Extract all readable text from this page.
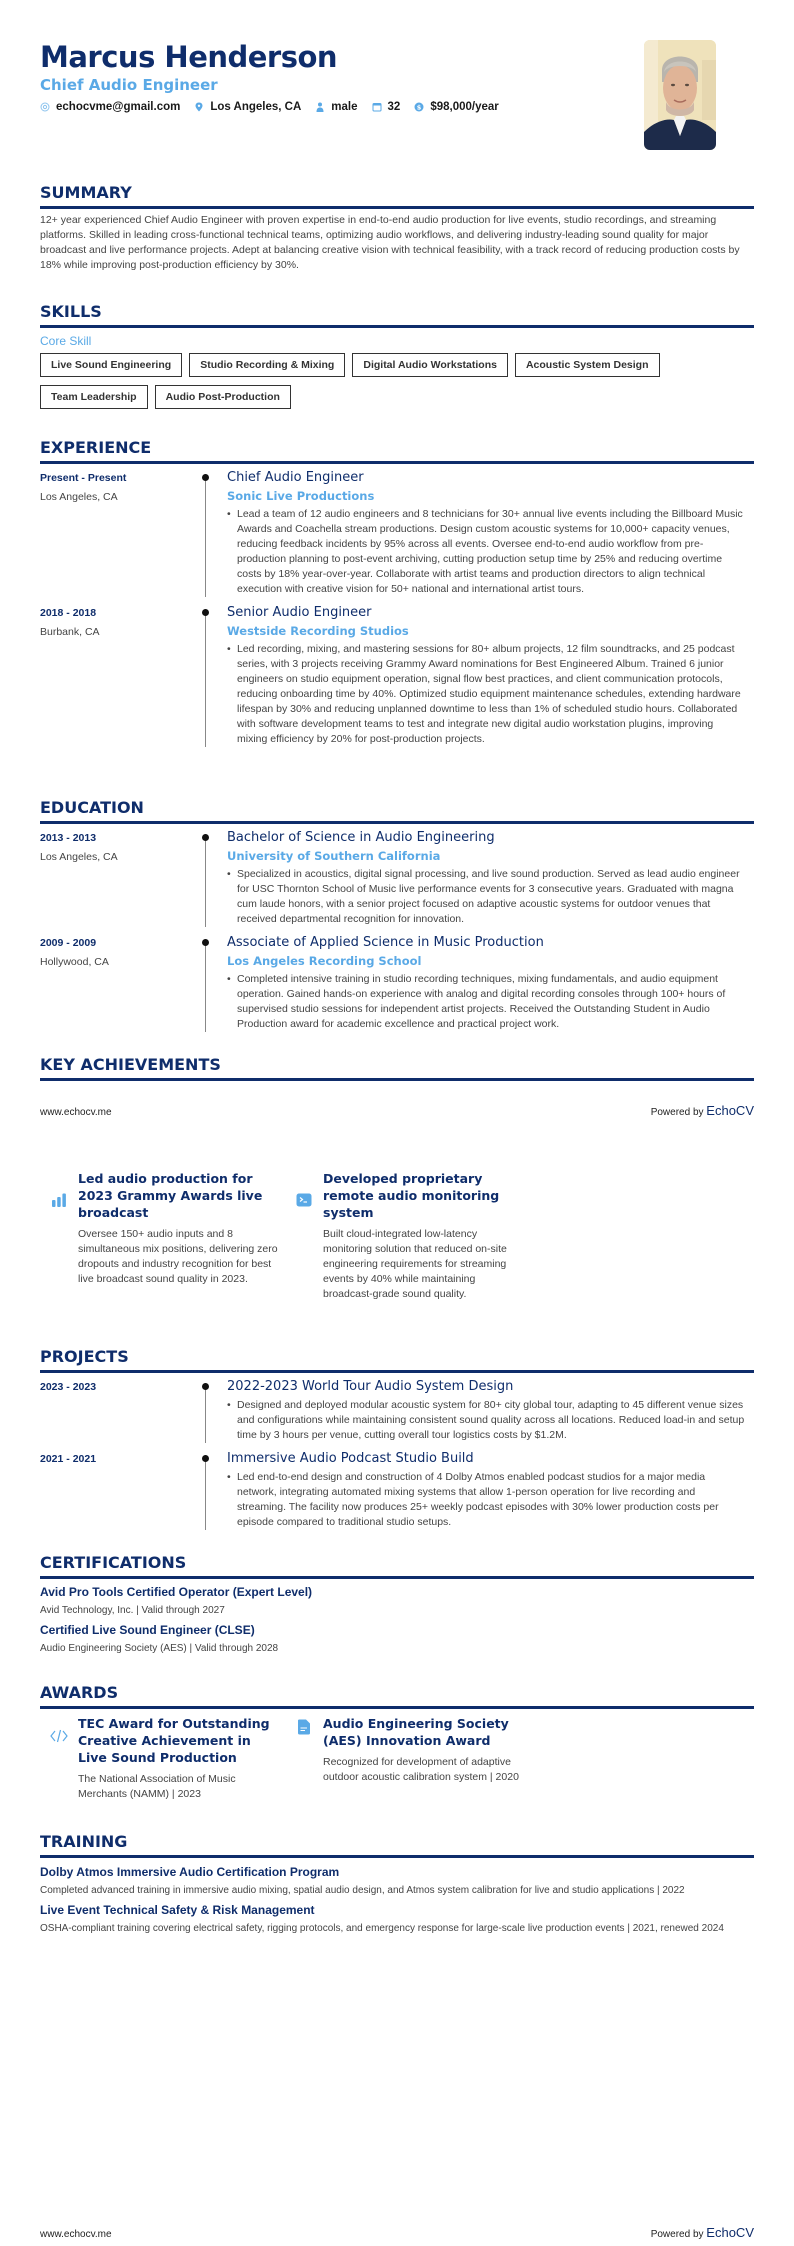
Marcus Henderson
Chief Audio Engineer
echocvme@gmail.com	Los Angeles, CA	male	32	$ $98,000/year
SUMMARY
12+ year experienced Chief Audio Engineer with proven expertise in end-to-end audio production for live events, studio recordings, and streaming platforms. Skilled in leading cross-functional technical teams, optimizing audio workflows, and delivering industry-leading sound quality for major broadcast and live performance projects. Adept at balancing creative vision with technical feasibility, with a track record of reducing production costs by 18% while improving post-production efficiency by 30%.
SKILLS
Core Skill
Live Sound Engineering	Studio Recording & Mixing	Digital Audio Workstations	Acoustic System Design
Team Leadership	Audio Post-Production
EXPERIENCE
Present - Present
Los Angeles, CA
Chief Audio Engineer
Sonic Live Productions
• Lead a team of 12 audio engineers and 8 technicians for 30+ annual live events including the Billboard Music Awards and Coachella stream productions. Design custom acoustic systems for 10,000+ capacity venues, reducing feedback incidents by 95% across all events. Oversee end-to-end audio workflow from pre-production planning to post-event archiving, cutting production setup time by 25% and reducing overtime costs by 18% year-over-year. Collaborate with artist teams and production directors to align technical execution with creative vision for 50+ national and international artist tours.
2018 - 2018
Burbank, CA
Senior Audio Engineer
Westside Recording Studios
• Led recording, mixing, and mastering sessions for 80+ album projects, 12 film soundtracks, and 25 podcast series, with 3 projects receiving Grammy Award nominations for Best Engineered Album. Trained 6 junior engineers on studio equipment operation, signal flow best practices, and client communication protocols, reducing onboarding time by 40%. Optimized studio equipment maintenance schedules, extending hardware lifespan by 30% and reducing unplanned downtime to less than 1% of scheduled studio hours. Collaborated with software development teams to test and integrate new digital audio workstation plugins, improving mixing efficiency by 20% for post-production projects.
EDUCATION
2013 - 2013
Los Angeles, CA
Bachelor of Science in Audio Engineering
University of Southern California
• Specialized in acoustics, digital signal processing, and live sound production. Served as lead audio engineer for USC Thornton School of Music live performance events for 3 consecutive years. Graduated with magna cum laude honors, with a senior project focused on adaptive acoustic systems for outdoor venues that received departmental recognition for innovation.
2009 - 2009
Hollywood, CA
Associate of Applied Science in Music Production
Los Angeles Recording School
• Completed intensive training in studio recording techniques, mixing fundamentals, and audio equipment operation. Gained hands-on experience with analog and digital recording consoles through 100+ hours of supervised studio sessions for independent artist projects. Received the Outstanding Student in Audio Production award for academic excellence and practical project work.
KEY ACHIEVEMENTS
www.echocv.me	Powered by EchoCV
Led audio production for 2023 Grammy Awards live broadcast
Oversee 150+ audio inputs and 8 simultaneous mix positions, delivering zero dropouts and industry recognition for best live broadcast sound quality in 2023.
Developed proprietary remote audio monitoring system
Built cloud-integrated low-latency monitoring solution that reduced on-site engineering requirements for streaming events by 40% while maintaining broadcast-grade sound quality.
PROJECTS
2023 - 2023	2022-2023 World Tour Audio System Design
• Designed and deployed modular acoustic system for 80+ city global tour, adapting to 45 different venue sizes and configurations while maintaining consistent sound quality across all locations. Reduced load-in and setup time by 3 hours per venue, cutting overall tour logistics costs by $1.2M.
2021 - 2021	Immersive Audio Podcast Studio Build
• Led end-to-end design and construction of 4 Dolby Atmos enabled podcast studios for a major media network, integrating automated mixing systems that allow 1-person operation for live recording and streaming. The facility now produces 25+ weekly podcast episodes with 30% lower production costs per episode compared to traditional studio setups.
CERTIFICATIONS
Avid Pro Tools Certified Operator (Expert Level)
Avid Technology, Inc. | Valid through 2027
Certified Live Sound Engineer (CLSE)
Audio Engineering Society (AES) | Valid through 2028
AWARDS
TEC Award for Outstanding Creative Achievement in Live Sound Production
The National Association of Music Merchants (NAMM) | 2023
Audio Engineering Society (AES) Innovation Award
Recognized for development of adaptive outdoor acoustic calibration system | 2020
TRAINING
Dolby Atmos Immersive Audio Certification Program
Completed advanced training in immersive audio mixing, spatial audio design, and Atmos system calibration for live and studio applications | 2022
Live Event Technical Safety & Risk Management
OSHA-compliant training covering electrical safety, rigging protocols, and emergency response for large-scale live production events | 2021, renewed 2024
www.echocv.me	Powered by EchoCV
